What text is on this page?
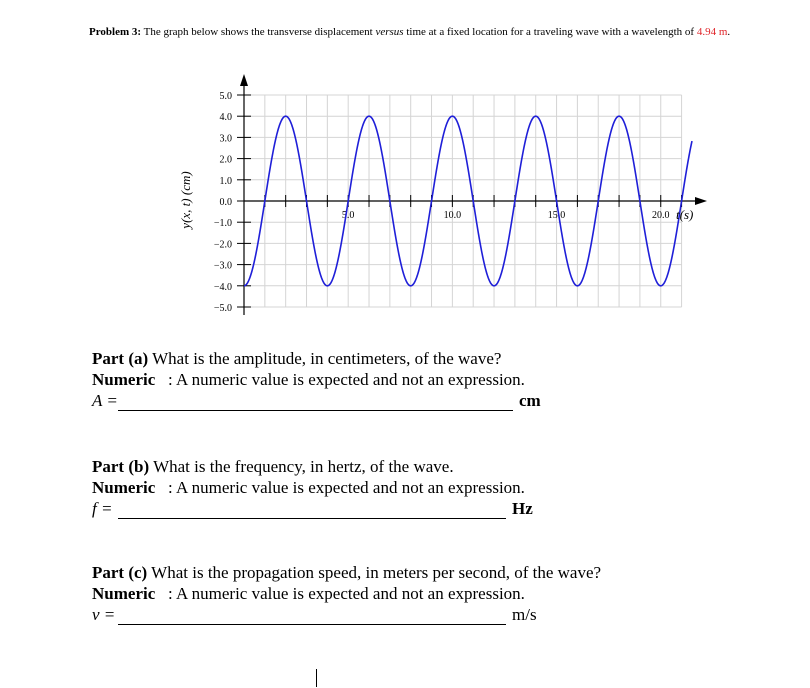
Problem 3: The graph below shows the transverse displacement versus time at a fixed location for a traveling wave with a wavelength of 4.94 m.
5.0
4.0
3.0
2.0
1.0
0.0
−1.0
−2.0
−3.0
−4.0
−5.0
5.0	10.0	15.0	20.0
y(x, t) (cm)	t(s)
Part (a) What is the amplitude, in centimeters, of the wave?
Numeric : A numeric value is expected and not an expression.
A =	cm
Part (b) What is the frequency, in hertz, of the wave.
Numeric : A numeric value is expected and not an expression.
f =	Hz
Part (c) What is the propagation speed, in meters per second, of the wave?
Numeric : A numeric value is expected and not an expression.
v =	m/s
